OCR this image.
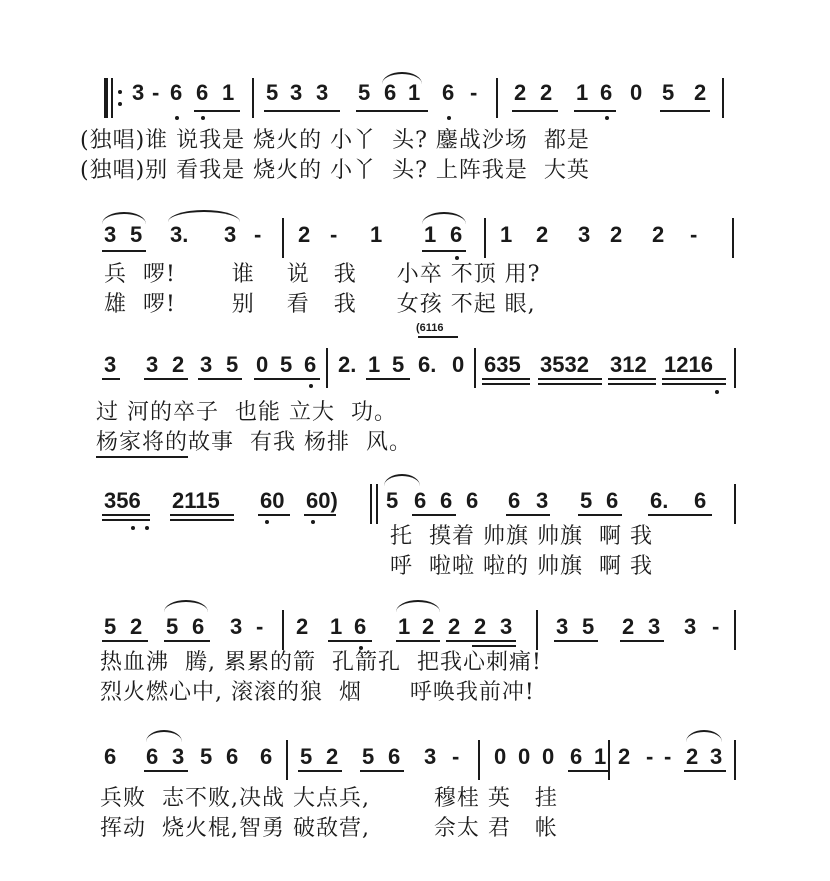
3 - 6 6 1 5 3 3 5 6 1 6 - 2 2 1 6 0 5 2
(独唱)谁 说我是 烧火的 小丫  头? 鏖战沙场  都是
(独唱)别 看我是 烧火的 小丫  头? 上阵我是  大英
3 5 3. 3 - 2 - 1 1 6 1 2 3 2 2 -
兵  啰!       谁    说   我     小卒 不顶 用?
雄  啰!       别    看   我     女孩 不起 眼,
3 3 2 3 5 0 5 6 2. 1 5 6. 0 635 3532 312 1216
(6116
过 河的卒子  也能 立大  功。
杨家将的故事  有我 杨排  风。
356 2115 60 60) 5 6 6 6 6 3 5 6 6. 6
托  摸着 帅旗 帅旗  啊 我
呼  啦啦 啦的 帅旗  啊 我
5 2 5 6 3 - 2 1 6 1 2 2 2 3 3 5 2 3 3 -
热血沸  腾, 累累的箭  孔箭孔  把我心刺痛!
烈火燃心中, 滚滚的狼  烟      呼唤我前冲!
6 6 3 5 6 6 5 2 5 6 3 - 0 0 0 6 1 2 - - 2 3
兵败  志不败,决战 大点兵,        穆桂 英   挂
挥动  烧火棍,智勇 破敌营,        佘太 君   帐
